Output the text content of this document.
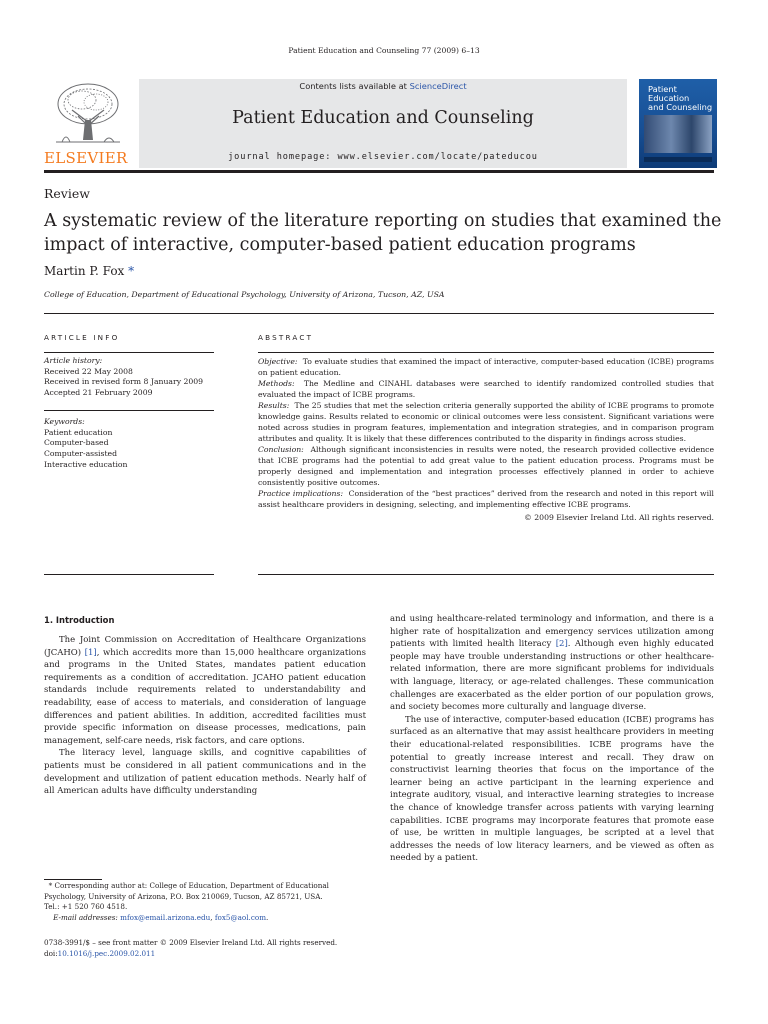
Patient Education and Counseling 77 (2009) 6–13
ELSEVIER
Contents lists available at ScienceDirect
Patient Education and Counseling
journal homepage: www.elsevier.com/locate/pateducou
Patient Education
and Counseling
Review
A systematic review of the literature reporting on studies that examined the impact of interactive, computer-based patient education programs
Martin P. Fox *
College of Education, Department of Educational Psychology, University of Arizona, Tucson, AZ, USA
ARTICLE INFO	ABSTRACT
Article history:
Received 22 May 2008
Received in revised form 8 January 2009
Accepted 21 February 2009
Keywords:
Patient education
Computer-based
Computer-assisted
Interactive education

Objective: To evaluate studies that examined the impact of interactive, computer-based education (ICBE) programs on patient education.

Methods: The Medline and CINAHL databases were searched to identify randomized controlled studies that evaluated the impact of ICBE programs.

Results: The 25 studies that met the selection criteria generally supported the ability of ICBE programs to promote knowledge gains. Results related to economic or clinical outcomes were less consistent. Significant variations were noted across studies in program features, implementation and integration strategies, and in comparison program attributes and quality. It is likely that these differences contributed to the disparity in findings across studies.

Conclusion: Although significant inconsistencies in results were noted, the research provided collective evidence that ICBE programs had the potential to add great value to the patient education process. Programs must be properly designed and implementation and integration processes effectively planned in order to achieve consistently positive outcomes.

Practice implications: Consideration of the “best practices” derived from the research and noted in this report will assist healthcare providers in designing, selecting, and implementing effective ICBE programs.

© 2009 Elsevier Ireland Ltd. All rights reserved.

1. Introduction

The Joint Commission on Accreditation of Healthcare Organizations (JCAHO) [1], which accredits more than 15,000 healthcare organizations and programs in the United States, mandates patient education requirements as a condition of accreditation. JCAHO patient education standards include requirements related to understandability and readability, ease of access to materials, and consideration of language differences and patient abilities. In addition, accredited facilities must provide specific information on disease processes, medications, pain management, self-care needs, risk factors, and care options.

The literacy level, language skills, and cognitive capabilities of patients must be considered in all patient communications and in the development and utilization of patient education methods. Nearly half of all American adults have difficulty understanding

and using healthcare-related terminology and information, and there is a higher rate of hospitalization and emergency services utilization among patients with limited health literacy [2]. Although even highly educated people may have trouble understanding instructions or other healthcare-related information, there are more significant problems for individuals with language, literacy, or age-related challenges. These communication challenges are exacerbated as the elder portion of our population grows, and society becomes more culturally and language diverse.

The use of interactive, computer-based education (ICBE) programs has surfaced as an alternative that may assist healthcare providers in meeting their educational-related responsibilities. ICBE programs have the potential to greatly increase interest and recall. They draw on constructivist learning theories that focus on the importance of the learner being an active participant in the learning experience and integrate auditory, visual, and interactive learning strategies to increase the chance of knowledge transfer across patients with varying learning capabilities. ICBE programs may incorporate features that promote ease of use, be written in multiple languages, be scripted at a level that addresses the needs of low literacy learners, and be viewed as often as needed by a patient.

* Corresponding author at: College of Education, Department of Educational Psychology, University of Arizona, P.O. Box 210069, Tucson, AZ 85721, USA.
Tel.: +1 520 760 4518.
E-mail addresses: mfox@email.arizona.edu, fox5@aol.com.
0738-3991/$ – see front matter © 2009 Elsevier Ireland Ltd. All rights reserved.
doi:10.1016/j.pec.2009.02.011
